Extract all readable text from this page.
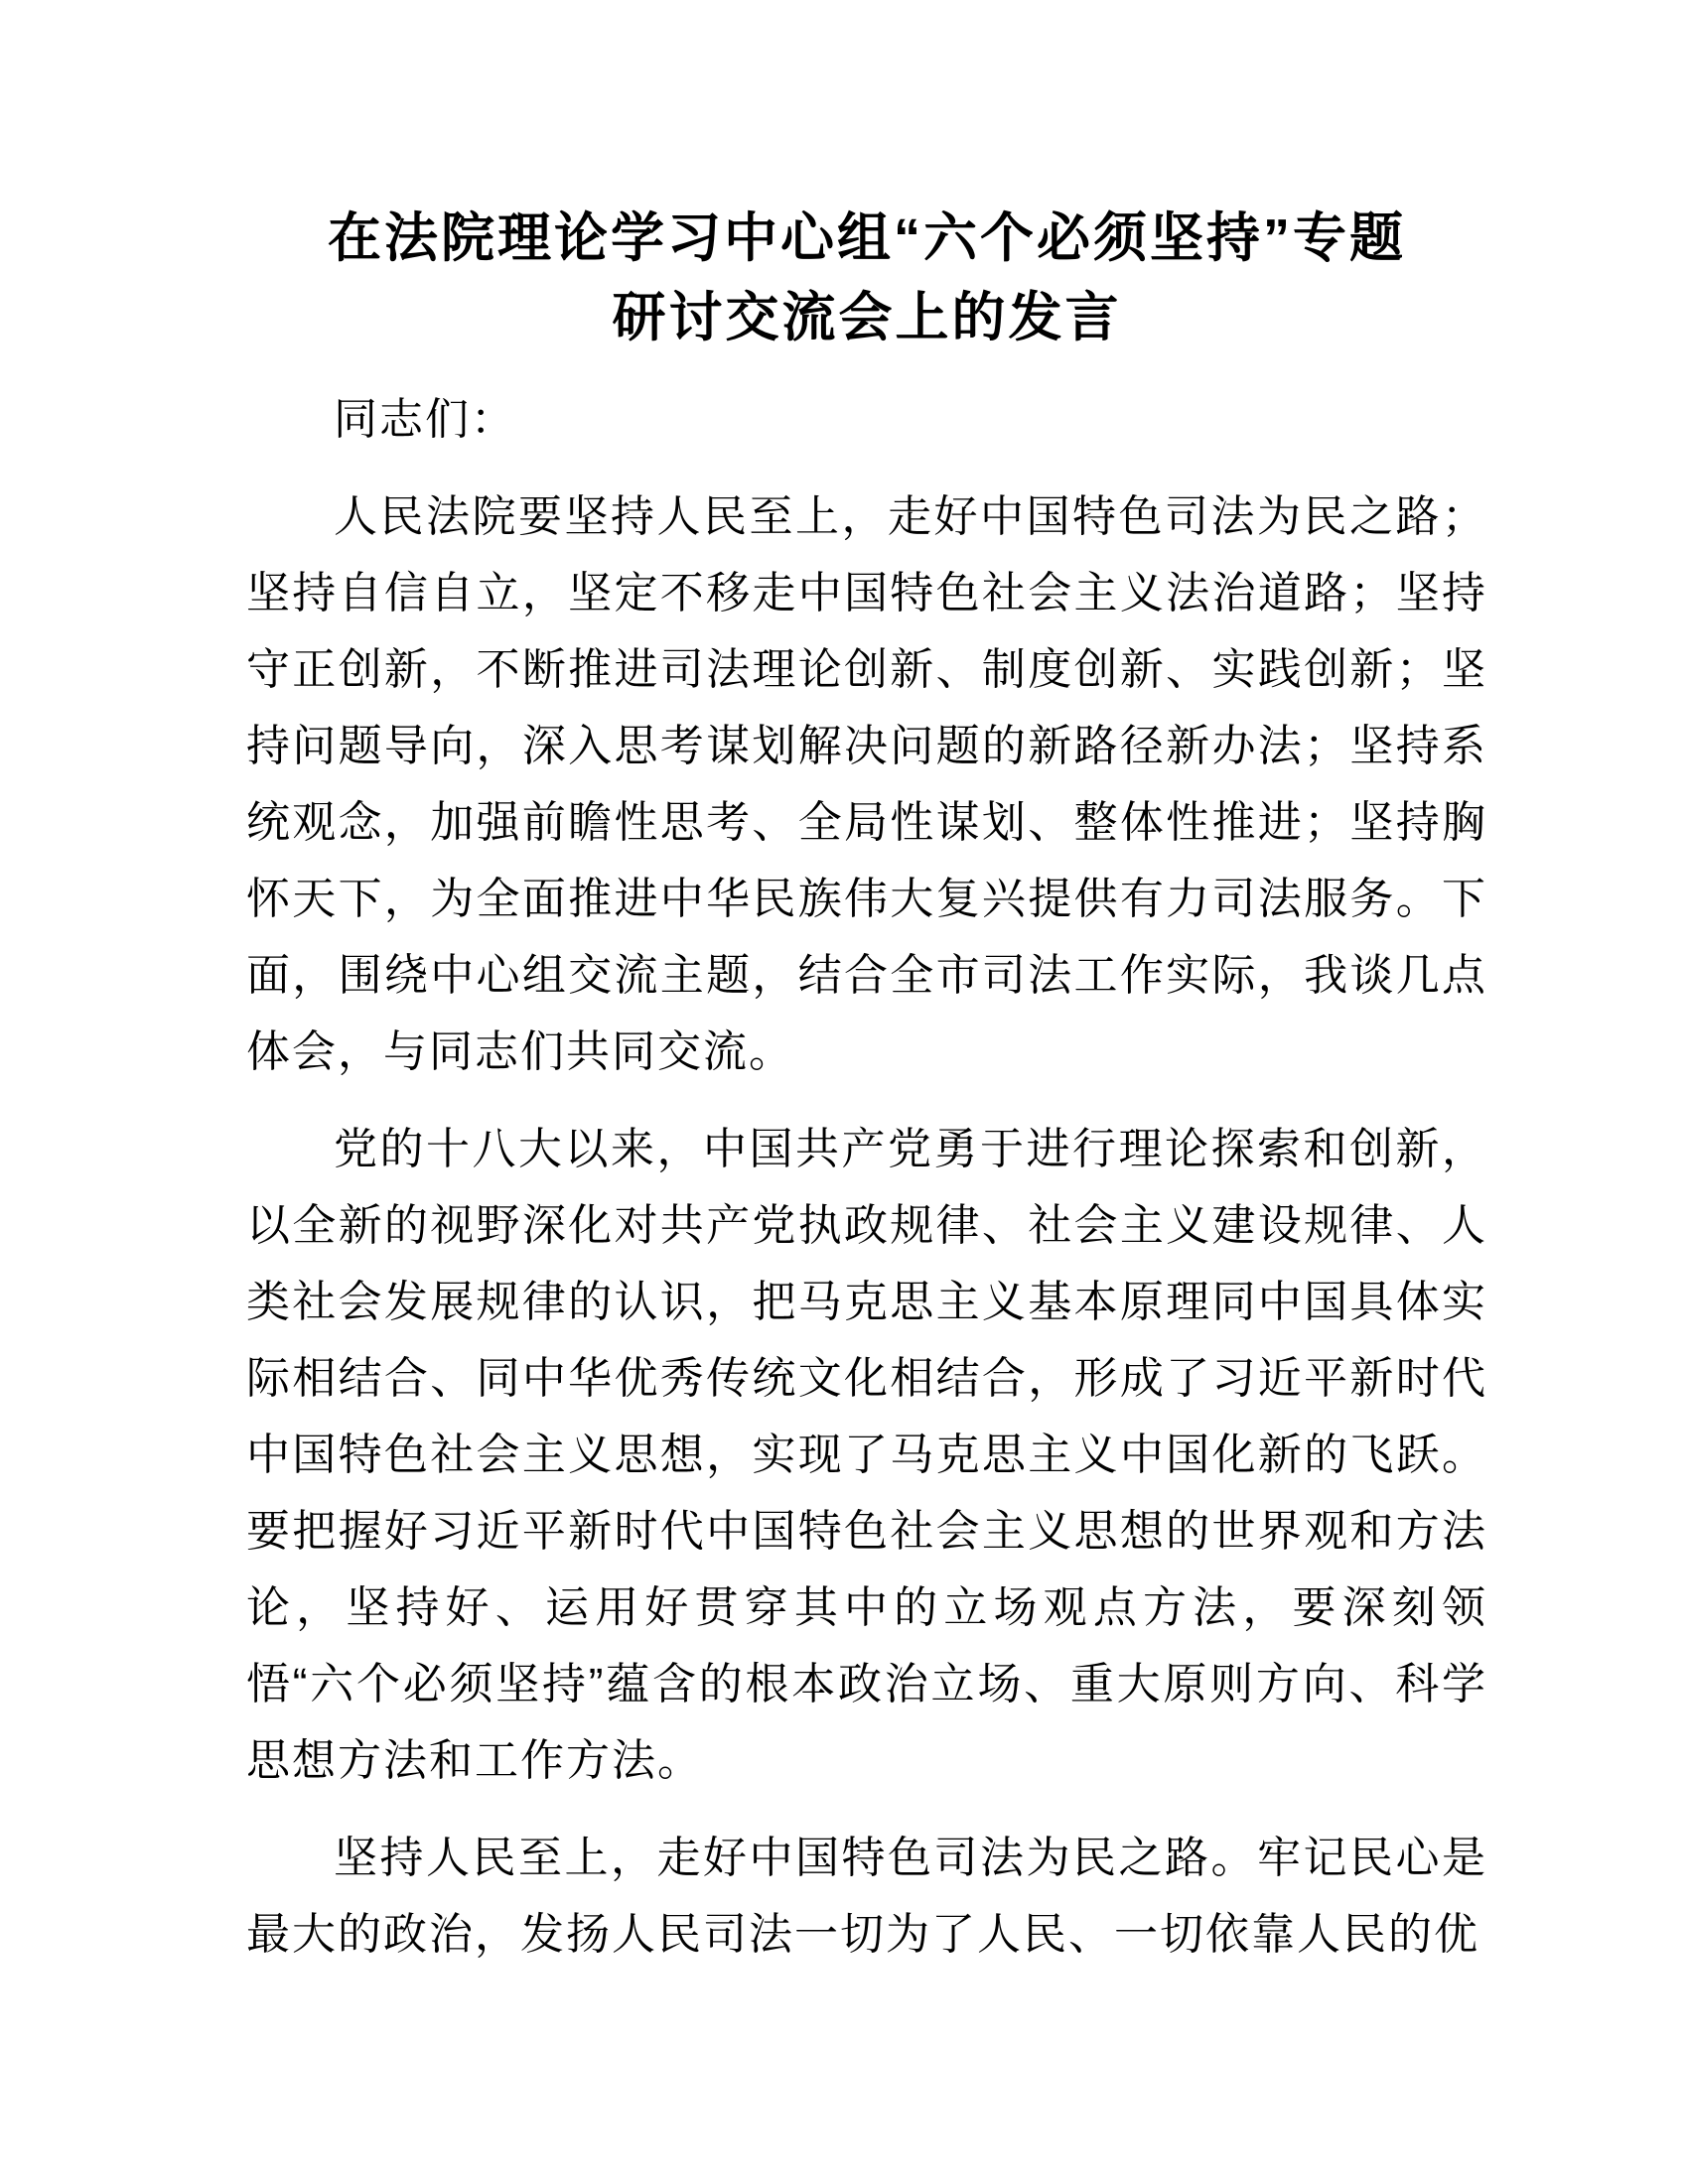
在法院理论学习中心组“六个必须坚持”专题
研讨交流会上的发言

同志们：

人民法院要坚持人民至上，走好中国特色司法为民之路；坚持自信自立，坚定不移走中国特色社会主义法治道路；坚持守正创新，不断推进司法理论创新、制度创新、实践创新；坚持问题导向，深入思考谋划解决问题的新路径新办法；坚持系统观念，加强前瞻性思考、全局性谋划、整体性推进；坚持胸怀天下，为全面推进中华民族伟大复兴提供有力司法服务。下面，围绕中心组交流主题，结合全市司法工作实际，我谈几点体会，与同志们共同交流。

党的十八大以来，中国共产党勇于进行理论探索和创新，以全新的视野深化对共产党执政规律、社会主义建设规律、人类社会发展规律的认识，把马克思主义基本原理同中国具体实际相结合、同中华优秀传统文化相结合，形成了习近平新时代中国特色社会主义思想，实现了马克思主义中国化新的飞跃。要把握好习近平新时代中国特色社会主义思想的世界观和方法论，坚持好、运用好贯穿其中的立场观点方法，要深刻领悟“六个必须坚持”蕴含的根本政治立场、重大原则方向、科学思想方法和工作方法。

坚持人民至上，走好中国特色司法为民之路。牢记民心是最大的政治，发扬人民司法一切为了人民、一切依靠人民的优
